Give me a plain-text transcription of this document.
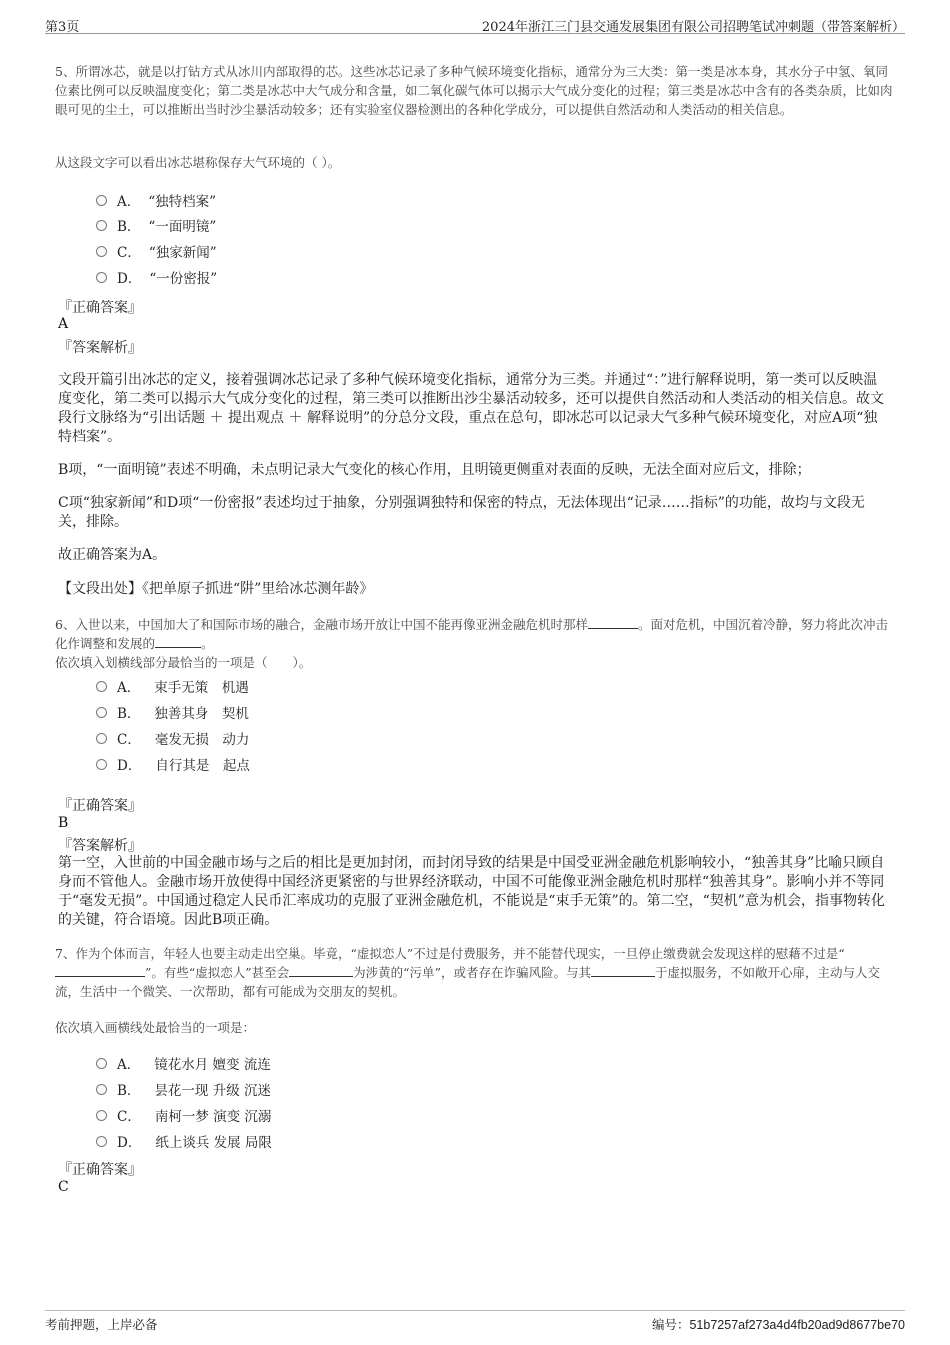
第3页	2024年浙江三门县交通发展集团有限公司招聘笔试冲刺题（带答案解析）
5、所谓冰芯，就是以打钻方式从冰川内部取得的芯。这些冰芯记录了多种气候环境变化指标，通常分为三大类：第一类是冰本身，其水分子中氢、氧同位素比例可以反映温度变化；第二类是冰芯中大气成分和含量，如二氧化碳气体可以揭示大气成分变化的过程；第三类是冰芯中含有的各类杂质，比如肉眼可见的尘土，可以推断出当时沙尘暴活动较多；还有实验室仪器检测出的各种化学成分，可以提供自然活动和人类活动的相关信息。
从这段文字可以看出冰芯堪称保存大气环境的（ ）。
A． “独特档案”
B． “一面明镜”
C． “独家新闻”
D． “一份密报”
『正确答案』
A
『答案解析』
文段开篇引出冰芯的定义，接着强调冰芯记录了多种气候环境变化指标，通常分为三类。并通过“：”进行解释说明，第一类可以反映温度变化，第二类可以揭示大气成分变化的过程，第三类可以推断出沙尘暴活动较多，还可以提供自然活动和人类活动的相关信息。故文段行文脉络为“引出话题 ＋ 提出观点 ＋ 解释说明”的分总分文段，重点在总句，即冰芯可以记录大气多种气候环境变化，对应A项“独特档案”。
B项，“一面明镜”表述不明确，未点明记录大气变化的核心作用，且明镜更侧重对表面的反映，无法全面对应后文，排除；
C项“独家新闻”和D项“一份密报”表述均过于抽象，分别强调独特和保密的特点，无法体现出“记录……指标”的功能，故均与文段无关，排除。
故正确答案为A。
【文段出处】《把单原子抓进“阱”里给冰芯测年龄》
6、入世以来，中国加大了和国际市场的融合，金融市场开放让中国不能再像亚洲金融危机时那样	。面对危机，中国沉着冷静，努力将此次冲击化作调整和发展的	。
依次填入划横线部分最恰当的一项是（　　）。
A． 束手无策　机遇
B． 独善其身　契机
C． 毫发无损　动力
D． 自行其是　起点
『正确答案』
B
『答案解析』
第一空，入世前的中国金融市场与之后的相比是更加封闭，而封闭导致的结果是中国受亚洲金融危机影响较小，“独善其身”比喻只顾自身而不管他人。金融市场开放使得中国经济更紧密的与世界经济联动，中国不可能像亚洲金融危机时那样“独善其身”。影响小并不等同于“毫发无损”。中国通过稳定人民币汇率成功的克服了亚洲金融危机，不能说是“束手无策”的。第二空，“契机”意为机会，指事物转化的关键，符合语境。因此B项正确。
7、作为个体而言，年轻人也要主动走出空巢。毕竟，“虚拟恋人”不过是付费服务，并不能替代现实，一旦停止缴费就会发现这样的慰藉不过是“”。有些“虚拟恋人”甚至会	为涉黄的“污单”，或者存在诈骗风险。与其	于虚拟服务，不如敞开心扉，主动与人交流，生活中一个微笑、一次帮助，都有可能成为交朋友的契机。
依次填入画横线处最恰当的一项是：
A． 镜花水月 嬗变 流连
B． 昙花一现 升级 沉迷
C． 南柯一梦 演变 沉溺
D． 纸上谈兵 发展 局限
『正确答案』
C
考前押题，上岸必备	编号：51b7257af273a4d4fb20ad9d8677be70
